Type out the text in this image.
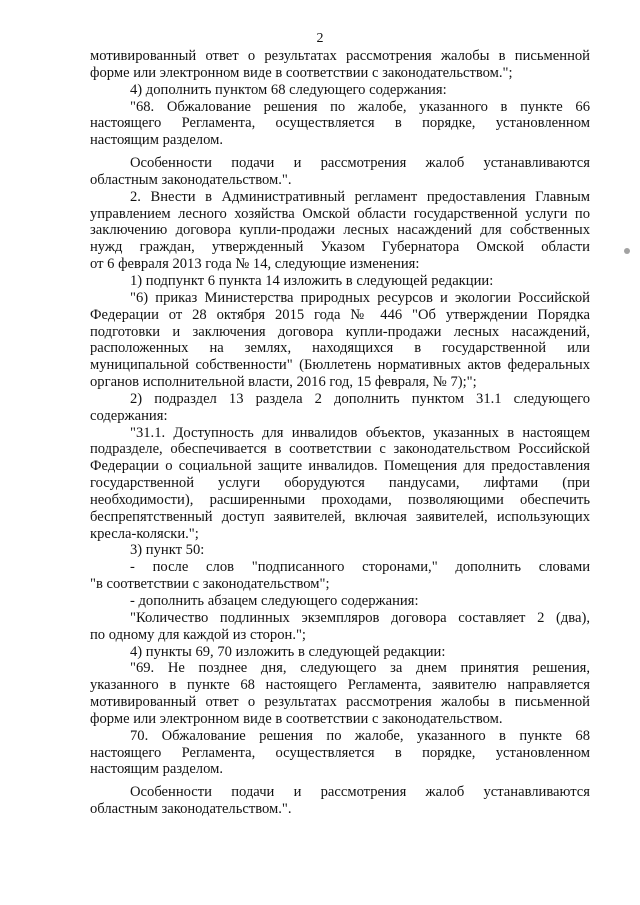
2
мотивированный ответ о результатах рассмотрения жалобы в письменной
форме или электронном виде в соответствии с законодательством.";
4) дополнить пунктом 68 следующего содержания:
"68. Обжалование решения по жалобе, указанного в пункте 66
настоящего Регламента, осуществляется в порядке, установленном
настоящим разделом.
Особенности подачи и рассмотрения жалоб устанавливаются
областным законодательством.".
2. Внести в Административный регламент предоставления Главным
управлением лесного хозяйства Омской области государственной услуги по
заключению договора купли-продажи лесных насаждений для собственных
нужд граждан, утвержденный Указом Губернатора Омской области
от 6 февраля 2013 года № 14, следующие изменения:
1) подпункт 6 пункта 14 изложить в следующей редакции:
"6) приказ Министерства природных ресурсов и экологии Российской
Федерации от 28 октября 2015 года № 446 "Об утверждении Порядка
подготовки и заключения договора купли-продажи лесных насаждений,
расположенных на землях, находящихся в государственной или
муниципальной собственности" (Бюллетень нормативных актов федеральных
органов исполнительной власти, 2016 год, 15 февраля, № 7);";
2) подраздел 13 раздела 2 дополнить пунктом 31.1 следующего
содержания:
"31.1. Доступность для инвалидов объектов, указанных в настоящем
подразделе, обеспечивается в соответствии с законодательством Российской
Федерации о социальной защите инвалидов. Помещения для предоставления
государственной услуги оборудуются пандусами, лифтами (при
необходимости), расширенными проходами, позволяющими обеспечить
беспрепятственный доступ заявителей, включая заявителей, использующих
кресла-коляски.";
3) пункт 50:
- после слов "подписанного сторонами," дополнить словами
"в соответствии с законодательством";
- дополнить абзацем следующего содержания:
"Количество подлинных экземпляров договора составляет 2 (два),
по одному для каждой из сторон.";
4) пункты 69, 70 изложить в следующей редакции:
"69. Не позднее дня, следующего за днем принятия решения,
указанного в пункте 68 настоящего Регламента, заявителю направляется
мотивированный ответ о результатах рассмотрения жалобы в письменной
форме или электронном виде в соответствии с законодательством.
70. Обжалование решения по жалобе, указанного в пункте 68
настоящего Регламента, осуществляется в порядке, установленном
настоящим разделом.
Особенности подачи и рассмотрения жалоб устанавливаются
областным законодательством.".
